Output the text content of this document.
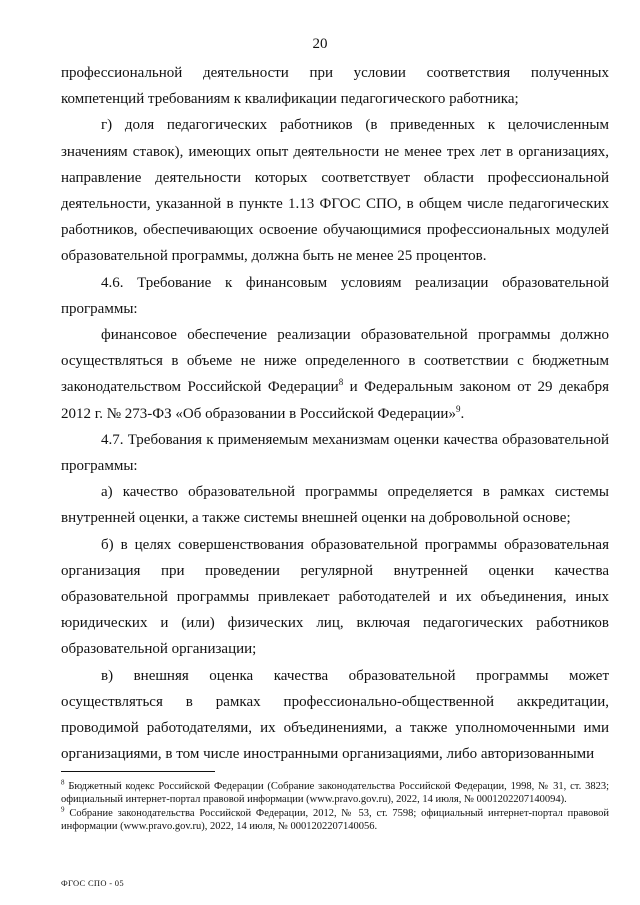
20

профессиональной деятельности при условии соответствия полученных компетенций требованиям к квалификации педагогического работника;

г) доля педагогических работников (в приведенных к целочисленным значениям ставок), имеющих опыт деятельности не менее трех лет в организациях, направление деятельности которых соответствует области профессиональной деятельности, указанной в пункте 1.13 ФГОС СПО, в общем числе педагогических работников, обеспечивающих освоение обучающимися профессиональных модулей образовательной программы, должна быть не менее 25 процентов.

4.6. Требование к финансовым условиям реализации образовательной программы:

финансовое обеспечение реализации образовательной программы должно осуществляться в объеме не ниже определенного в соответствии с бюджетным законодательством Российской Федерации$^8$ и Федеральным законом от 29 декабря 2012 г. № 273-ФЗ «Об образовании в Российской Федерации»$^9$.

4.7. Требования к применяемым механизмам оценки качества образовательной программы:

а) качество образовательной программы определяется в рамках системы внутренней оценки, а также системы внешней оценки на добровольной основе;

б) в целях совершенствования образовательной программы образовательная организация при проведении регулярной внутренней оценки качества образовательной программы привлекает работодателей и их объединения, иных юридических и (или) физических лиц, включая педагогических работников образовательной организации;

в) внешняя оценка качества образовательной программы может осуществляться в рамках профессионально-общественной аккредитации, проводимой работодателями, их объединениями, а также уполномоченными ими организациями, в том числе иностранными организациями, либо авторизованными

$^8$ Бюджетный кодекс Российской Федерации (Собрание законодательства Российской Федерации, 1998, № 31, ст. 3823; официальный интернет-портал правовой информации (www.pravo.gov.ru), 2022, 14 июля, № 0001202207140094).

$^9$ Собрание законодательства Российской Федерации, 2012, № 53, ст. 7598; официальный интернет-портал правовой информации (www.pravo.gov.ru), 2022, 14 июля, № 0001202207140056.

ФГОС СПО - 05
